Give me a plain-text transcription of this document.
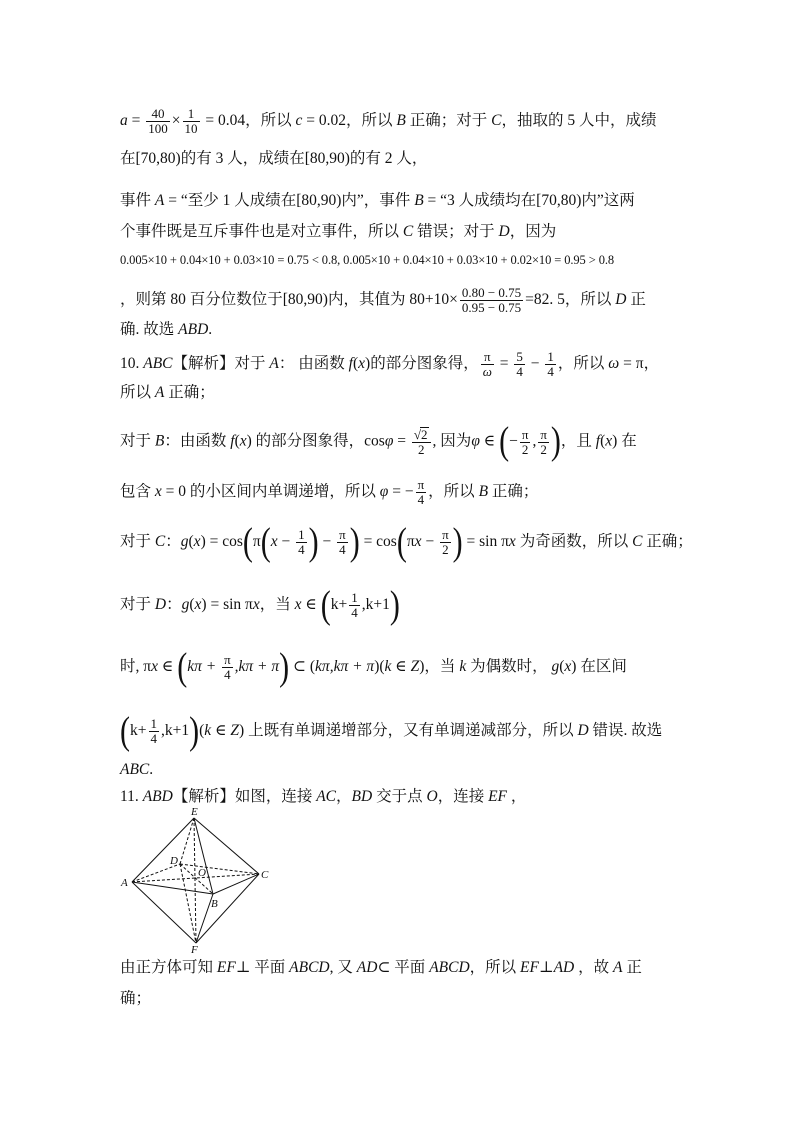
$a = \frac{40}{100} \times \frac{1}{10} = 0.04$，所以 c = 0.02，所以 B 正确；对于 C，抽取的 5 人中，成绩
在[70,80)的有 3 人，成绩在[80,90)的有 2 人，
事件 A = “至少 1 人成绩在[80,90)内”，事件 B = “3 人成绩均在[70,80)内”这两
个事件既是互斥事件也是对立事件，所以 C 错误；对于 D，因为
0.005×10 + 0.04×10 + 0.03×10 = 0.75 < 0.8, 0.005×10 + 0.04×10 + 0.03×10 + 0.02×10 = 0.95 > 0.8
，则第 80 百分位数位于[80,90)内，其值为 $80+10\times \frac{0.80 - 0.75}{0.95 - 0.75} =82$. 5，所以 D 正
确. 故选 ABD.
10. ABC【解析】对于 A： 由函数 f(x)的部分图象得， $\frac{\pi}{\omega} = \frac{5}{4} - \frac{1}{4}$ ，所以 ω = π，
所以 A 正确；
对于 B：由函数 f(x) 的部分图象得，$\cos\varphi = \frac{√2}{2}$ , 因为φ ∈ (− $\frac{\pi}{2}$ , $\frac{\pi}{2}$ )，且 f(x) 在
包含 x = 0 的小区间内单调递增，所以 φ = − $\frac{\pi}{4}$ ，所以 B 正确；
对于 C：$g(x) = \cos(\pi(x - \frac{1}{4}$ ) − $\frac{\pi}{4}$ ) = $\cos(\pi x - \frac{\pi}{2}$ ) = sin πx 为奇函数，所以 C 正确；
对于 D：g(x) = sin πx，当 x ∈ $(k+ \frac{1}{4} ,k+1)$
时, πx ∈ $(k\pi + \frac{\pi}{4} ,k\pi + \pi)$ ⊂ (kπ,kπ + π)(k ∈ Z)，当 k 为偶数时， g(x) 在区间
$(k+ \frac{1}{4} ,k+1)(k$ ∈ Z) 上既有单调递增部分，又有单调递减部分，所以 D 错误. 故选
ABC.
11. ABD【解析】如图，连接 AC，BD 交于点 O，连接 EF ，
E
D
O
A
C
B
F
由正方体可知 EF⊥ 平面 ABCD, 又 AD⊂ 平面 ABCD，所以 EF⊥AD ，故 A 正
确；
